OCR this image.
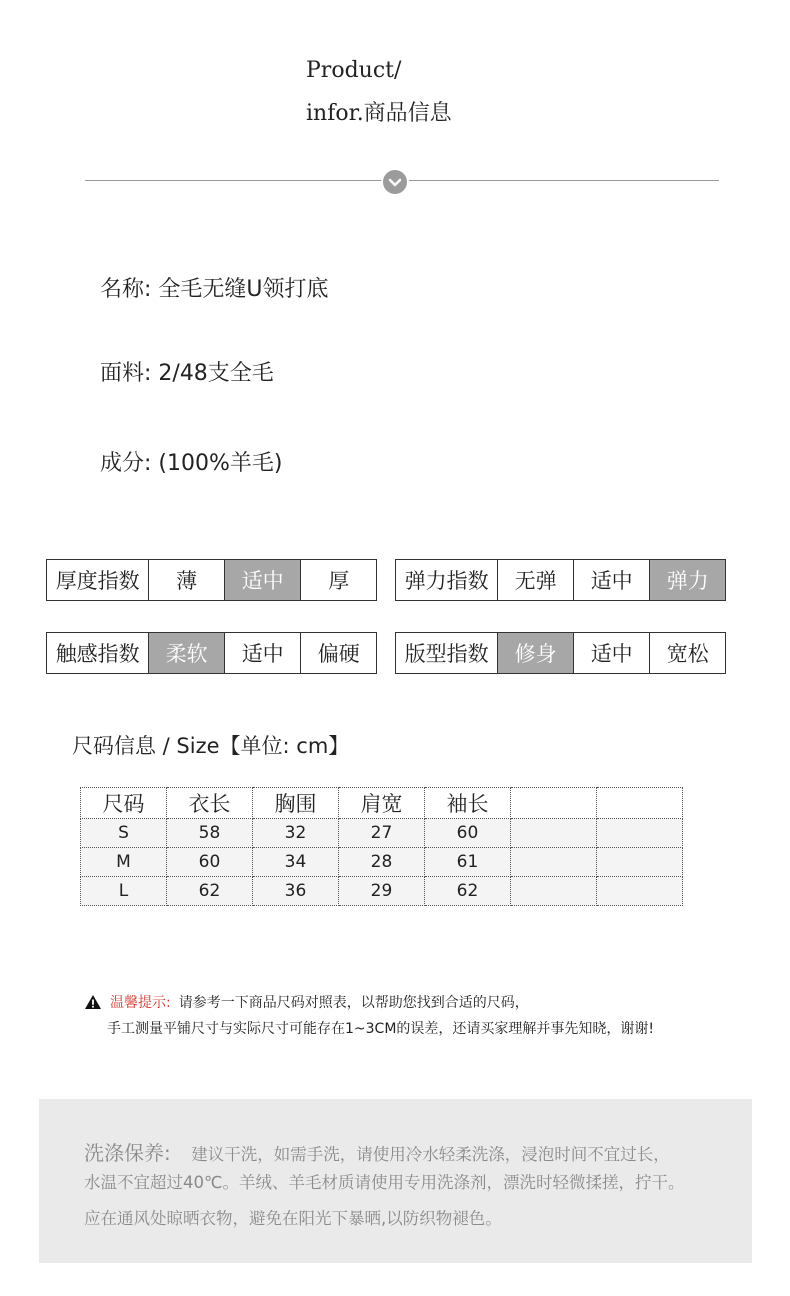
Product/
infor.商品信息
名称: 全毛无缝U领打底
面料: 2/48支全毛
成分: (100%羊毛)
厚度指数	薄	适中	厚	弹力指数	无弹	适中	弹力
触感指数	柔软	适中	偏硬	版型指数	修身	适中	宽松
尺码信息 / Size【单位: cm】
尺码	衣长	胸围	肩宽	袖长		
S	58	32	27	60		
M	60	34	28	61		
L	62	36	29	62		
温馨提示: 请参考一下商品尺码对照表，以帮助您找到合适的尺码，
手工测量平铺尺寸与实际尺寸可能存在1~3CM的误差，还请买家理解并事先知晓，谢谢!
洗涤保养: 建议干洗，如需手洗，请使用冷水轻柔洗涤，浸泡时间不宜过长，
水温不宜超过40℃。羊绒、羊毛材质请使用专用洗涤剂，漂洗时轻微揉搓，拧干。
应在通风处晾晒衣物，避免在阳光下暴晒,以防织物褪色。
